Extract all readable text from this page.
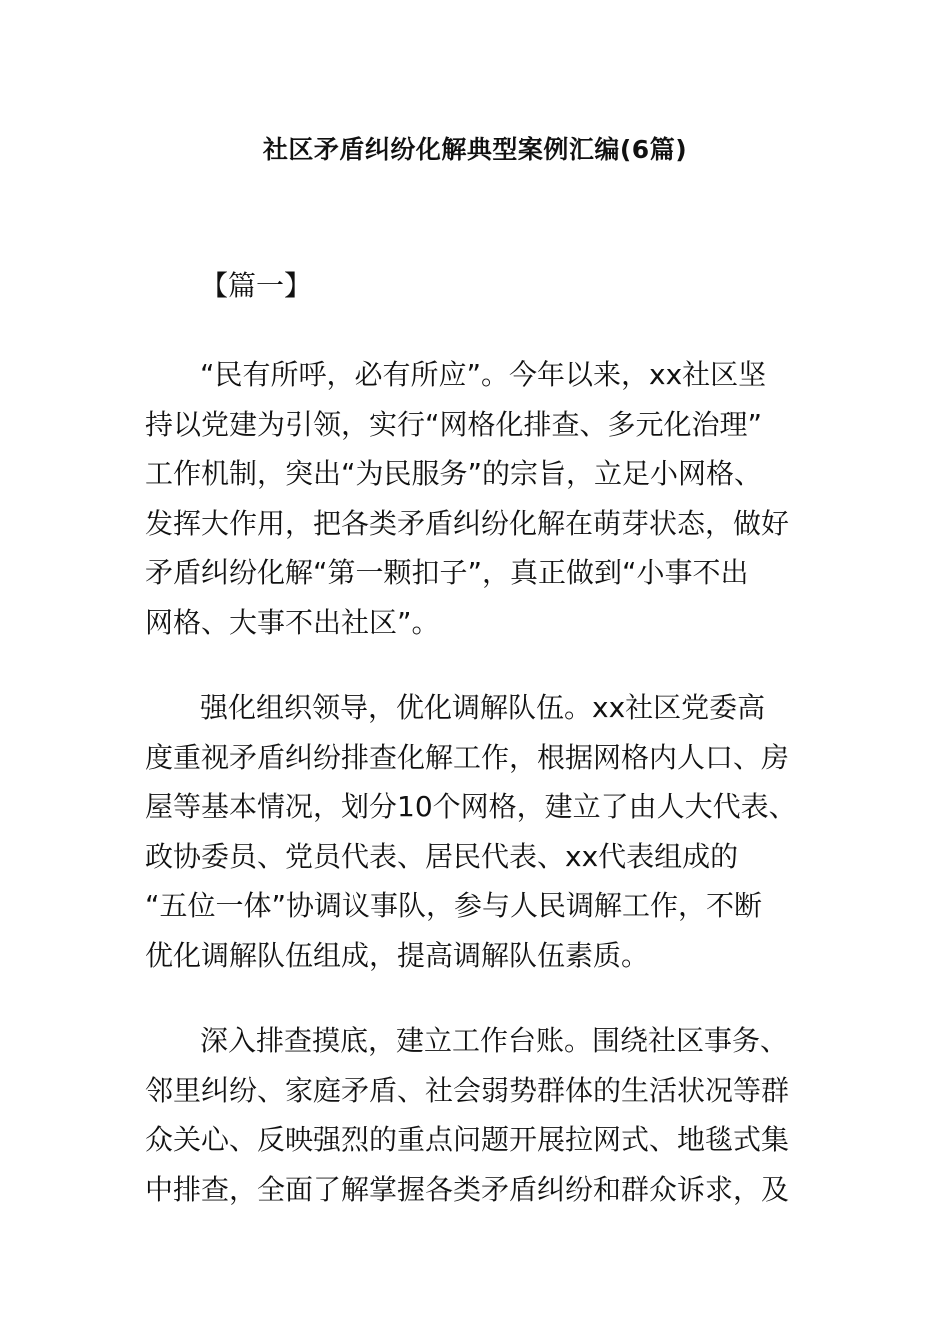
社区矛盾纠纷化解典型案例汇编(6篇)
【篇一】
“民有所呼，必有所应”。今年以来，xx社区坚
持以党建为引领，实行“网格化排查、多元化治理”
工作机制，突出“为民服务”的宗旨，立足小网格、
发挥大作用，把各类矛盾纠纷化解在萌芽状态，做好
矛盾纠纷化解“第一颗扣子”，真正做到“小事不出
网格、大事不出社区”。
强化组织领导，优化调解队伍。xx社区党委高
度重视矛盾纠纷排查化解工作，根据网格内人口、房
屋等基本情况，划分10个网格，建立了由人大代表、
政协委员、党员代表、居民代表、xx代表组成的
“五位一体”协调议事队，参与人民调解工作，不断
优化调解队伍组成，提高调解队伍素质。
深入排查摸底，建立工作台账。围绕社区事务、
邻里纠纷、家庭矛盾、社会弱势群体的生活状况等群
众关心、反映强烈的重点问题开展拉网式、地毯式集
中排查，全面了解掌握各类矛盾纠纷和群众诉求，及
